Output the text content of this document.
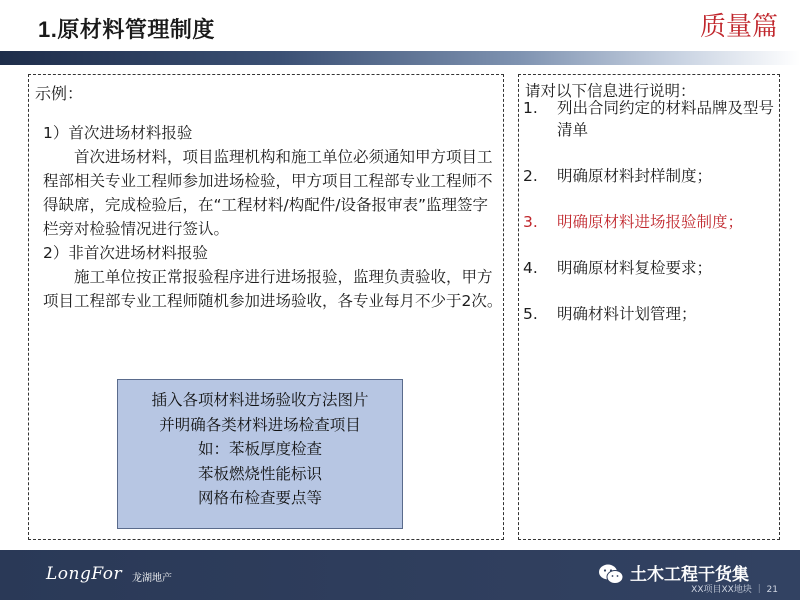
1.原材料管理制度	质量篇
示例：
1）首次进场材料报验
首次进场材料，项目监理机构和施工单位必须通知甲方项目工程部相关专业工程师参加进场检验，甲方项目工程部专业工程师不得缺席，完成检验后，在“工程材料/构配件/设备报审表”监理签字栏旁对检验情况进行签认。
2）非首次进场材料报验
施工单位按正常报验程序进行进场报验，监理负责验收，甲方项目工程部专业工程师随机参加进场验收，各专业每月不少于2次。
插入各项材料进场验收方法图片
并明确各类材料进场检查项目
如：苯板厚度检查
苯板燃烧性能标识
网格布检查要点等
请对以下信息进行说明：
1. 列出合同约定的材料品牌及型号清单
2. 明确原材料封样制度；
3. 明确原材料进场报验制度；
4. 明确原材料复检要求；
5. 明确材料计划管理；
LongFor 龙湖地产	土木工程干货集
XX项目XX地块 ｜ 21
